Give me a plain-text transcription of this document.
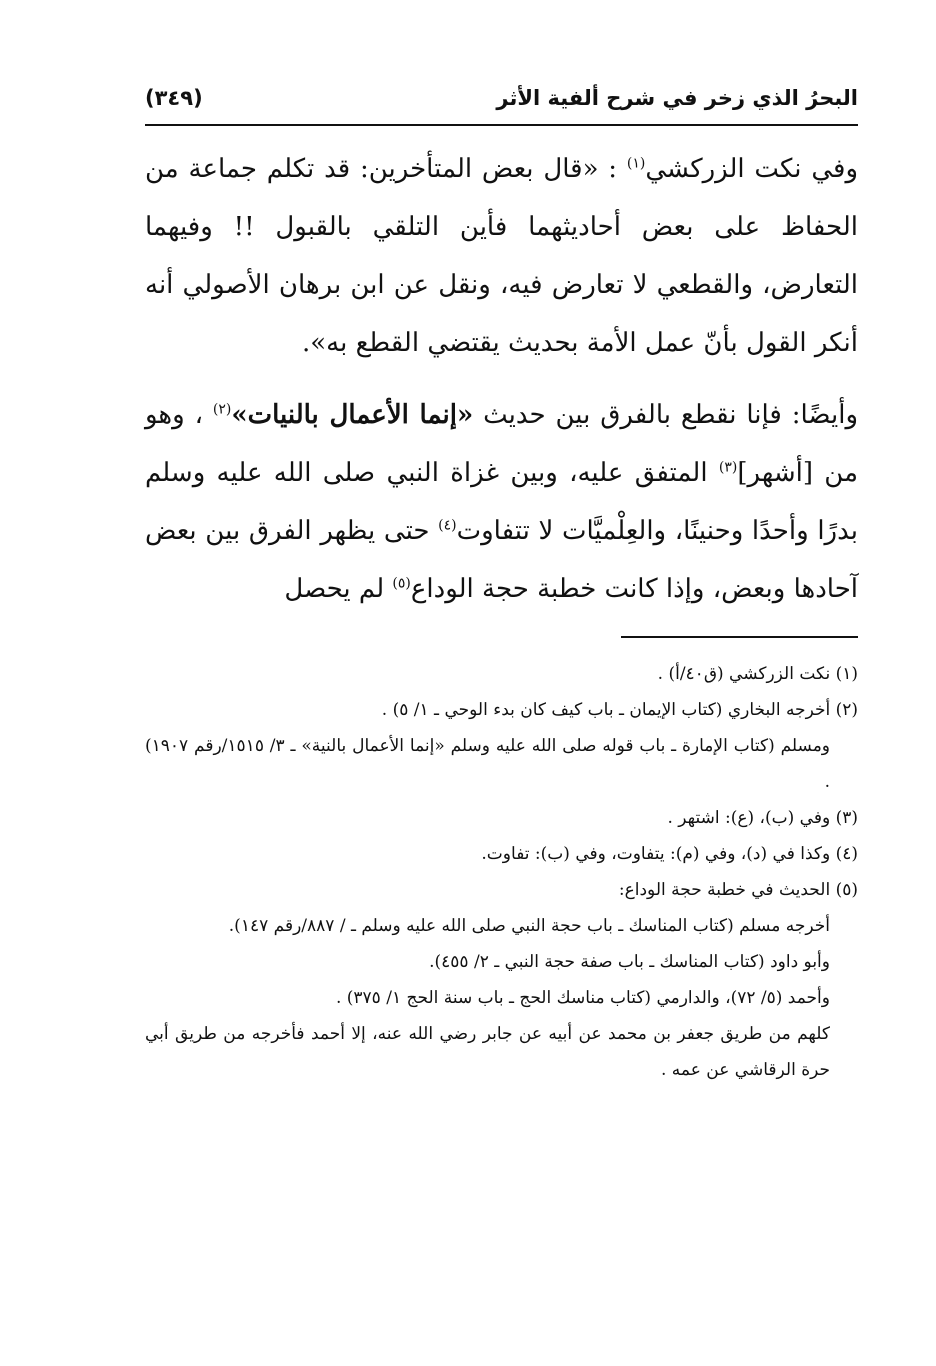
البحرُ الذي زخر في شرح ألفية الأثر
(٣٤٩)

وفي نكت الزركشي$^{(١)}$ : «قال بعض المتأخرين: قد تكلم جماعة من الحفاظ على بعض أحاديثهما فأين التلقي بالقبول !! وفيهما التعارض، والقطعي لا تعارض فيه، ونقل عن ابن برهان الأصولي أنه أنكر القول بأنّ عمل الأمة بحديث يقتضي القطع به».

وأيضًا: فإنا نقطع بالفرق بين حديث «إنما الأعمال بالنيات»$^{(٢)}$ ، وهو من [أشهر]$^{(٣)}$ المتفق عليه، وبين غزاة النبي صلى الله عليه وسلم بدرًا وأحدًا وحنينًا، والعِلْميَّات لا تتفاوت$^{(٤)}$ حتى يظهر الفرق بين بعض آحادها وبعض، وإذا كانت خطبة حجة الوداع$^{(٥)}$ لم يحصل

(١) نكت الزركشي (ق٤٠/أ) .

(٢) أخرجه البخاري (كتاب الإيمان ـ باب كيف كان بدء الوحي ـ ١/ ٥) .

ومسلم (كتاب الإمارة ـ باب قوله صلى الله عليه وسلم «إنما الأعمال بالنية» ـ ٣/ ١٥١٥/رقم ١٩٠٧) .

(٣) وفي (ب)، (ع): اشتهر .

(٤) وكذا في (د)، وفي (م): يتفاوت، وفي (ب): تفاوت.

(٥) الحديث في خطبة حجة الوداع:

أخرجه مسلم (كتاب المناسك ـ باب حجة النبي صلى الله عليه وسلم ـ / ٨٨٧/رقم ١٤٧).

وأبو داود (كتاب المناسك ـ باب صفة حجة النبي ـ ٢/ ٤٥٥).

وأحمد (٥/ ٧٢)، والدارمي (كتاب مناسك الحج ـ باب سنة الحج ١/ ٣٧٥) .

كلهم من طريق جعفر بن محمد عن أبيه عن جابر رضي الله عنه، إلا أحمد فأخرجه من طريق أبي حرة الرقاشي عن عمه .
